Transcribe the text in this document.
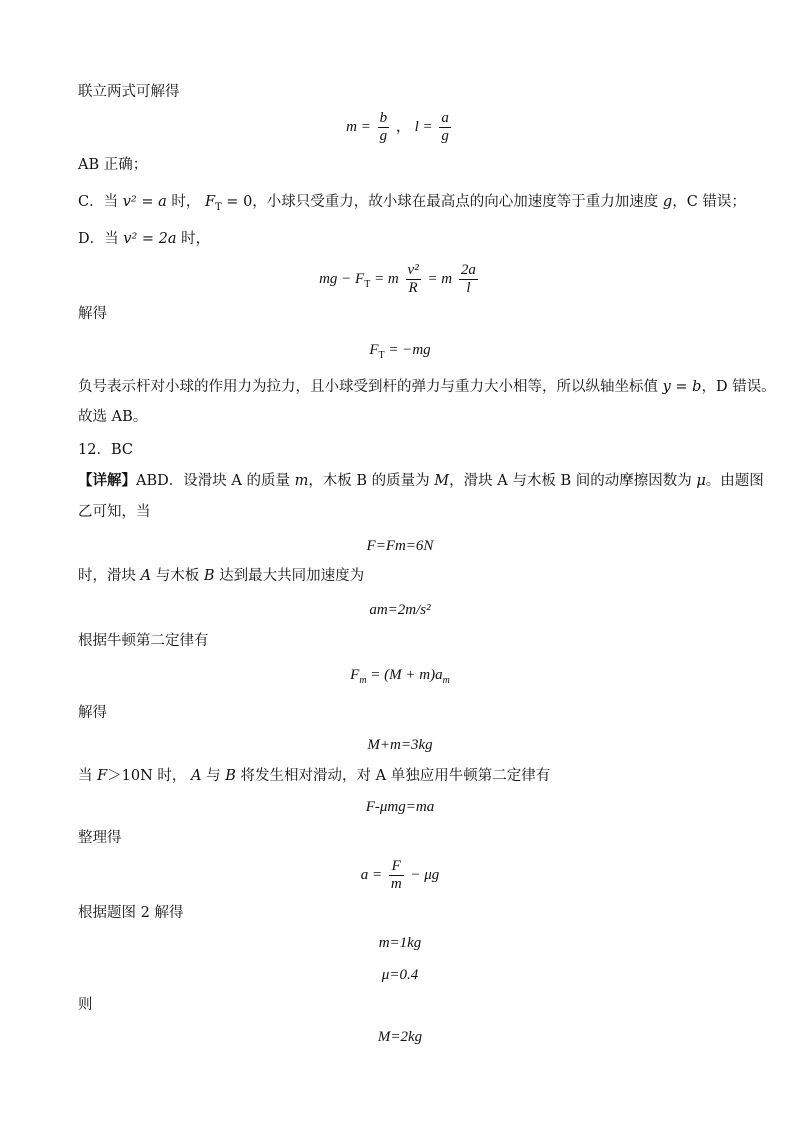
联立两式可解得
$m = \frac{b}{g}$ ， $l = \frac{a}{g}$
AB 正确；
C．当 v² = a 时， $F_T = 0$，小球只受重力，故小球在最高点的向心加速度等于重力加速度 g，C 错误；
D．当 v² = 2a 时，
mg − $F_T = m \frac{\text{v²}}{R} = m \frac{2a}{l}$
解得
$F_T = -mg$
负号表示杆对小球的作用力为拉力，且小球受到杆的弹力与重力大小相等，所以纵轴坐标值 y = b，D 错误。
故选 AB。
12．BC
【详解】ABD．设滑块 A 的质量 m，木板 B 的质量为 M，滑块 A 与木板 B 间的动摩擦因数为 μ。由题图
乙可知，当
F=Fm=6N
时，滑块 A 与木板 B 达到最大共同加速度为
am=2m/s²
根据牛顿第二定律有
$F_m = (M + m)a_m$
解得
M+m=3kg
当 F＞10N 时， A 与 B 将发生相对滑动，对 A 单独应用牛顿第二定律有
F-μmg=ma
整理得
$a = \frac{F}{m} - \mu g$
根据题图 2 解得
m=1kg
μ=0.4
则
M=2kg
